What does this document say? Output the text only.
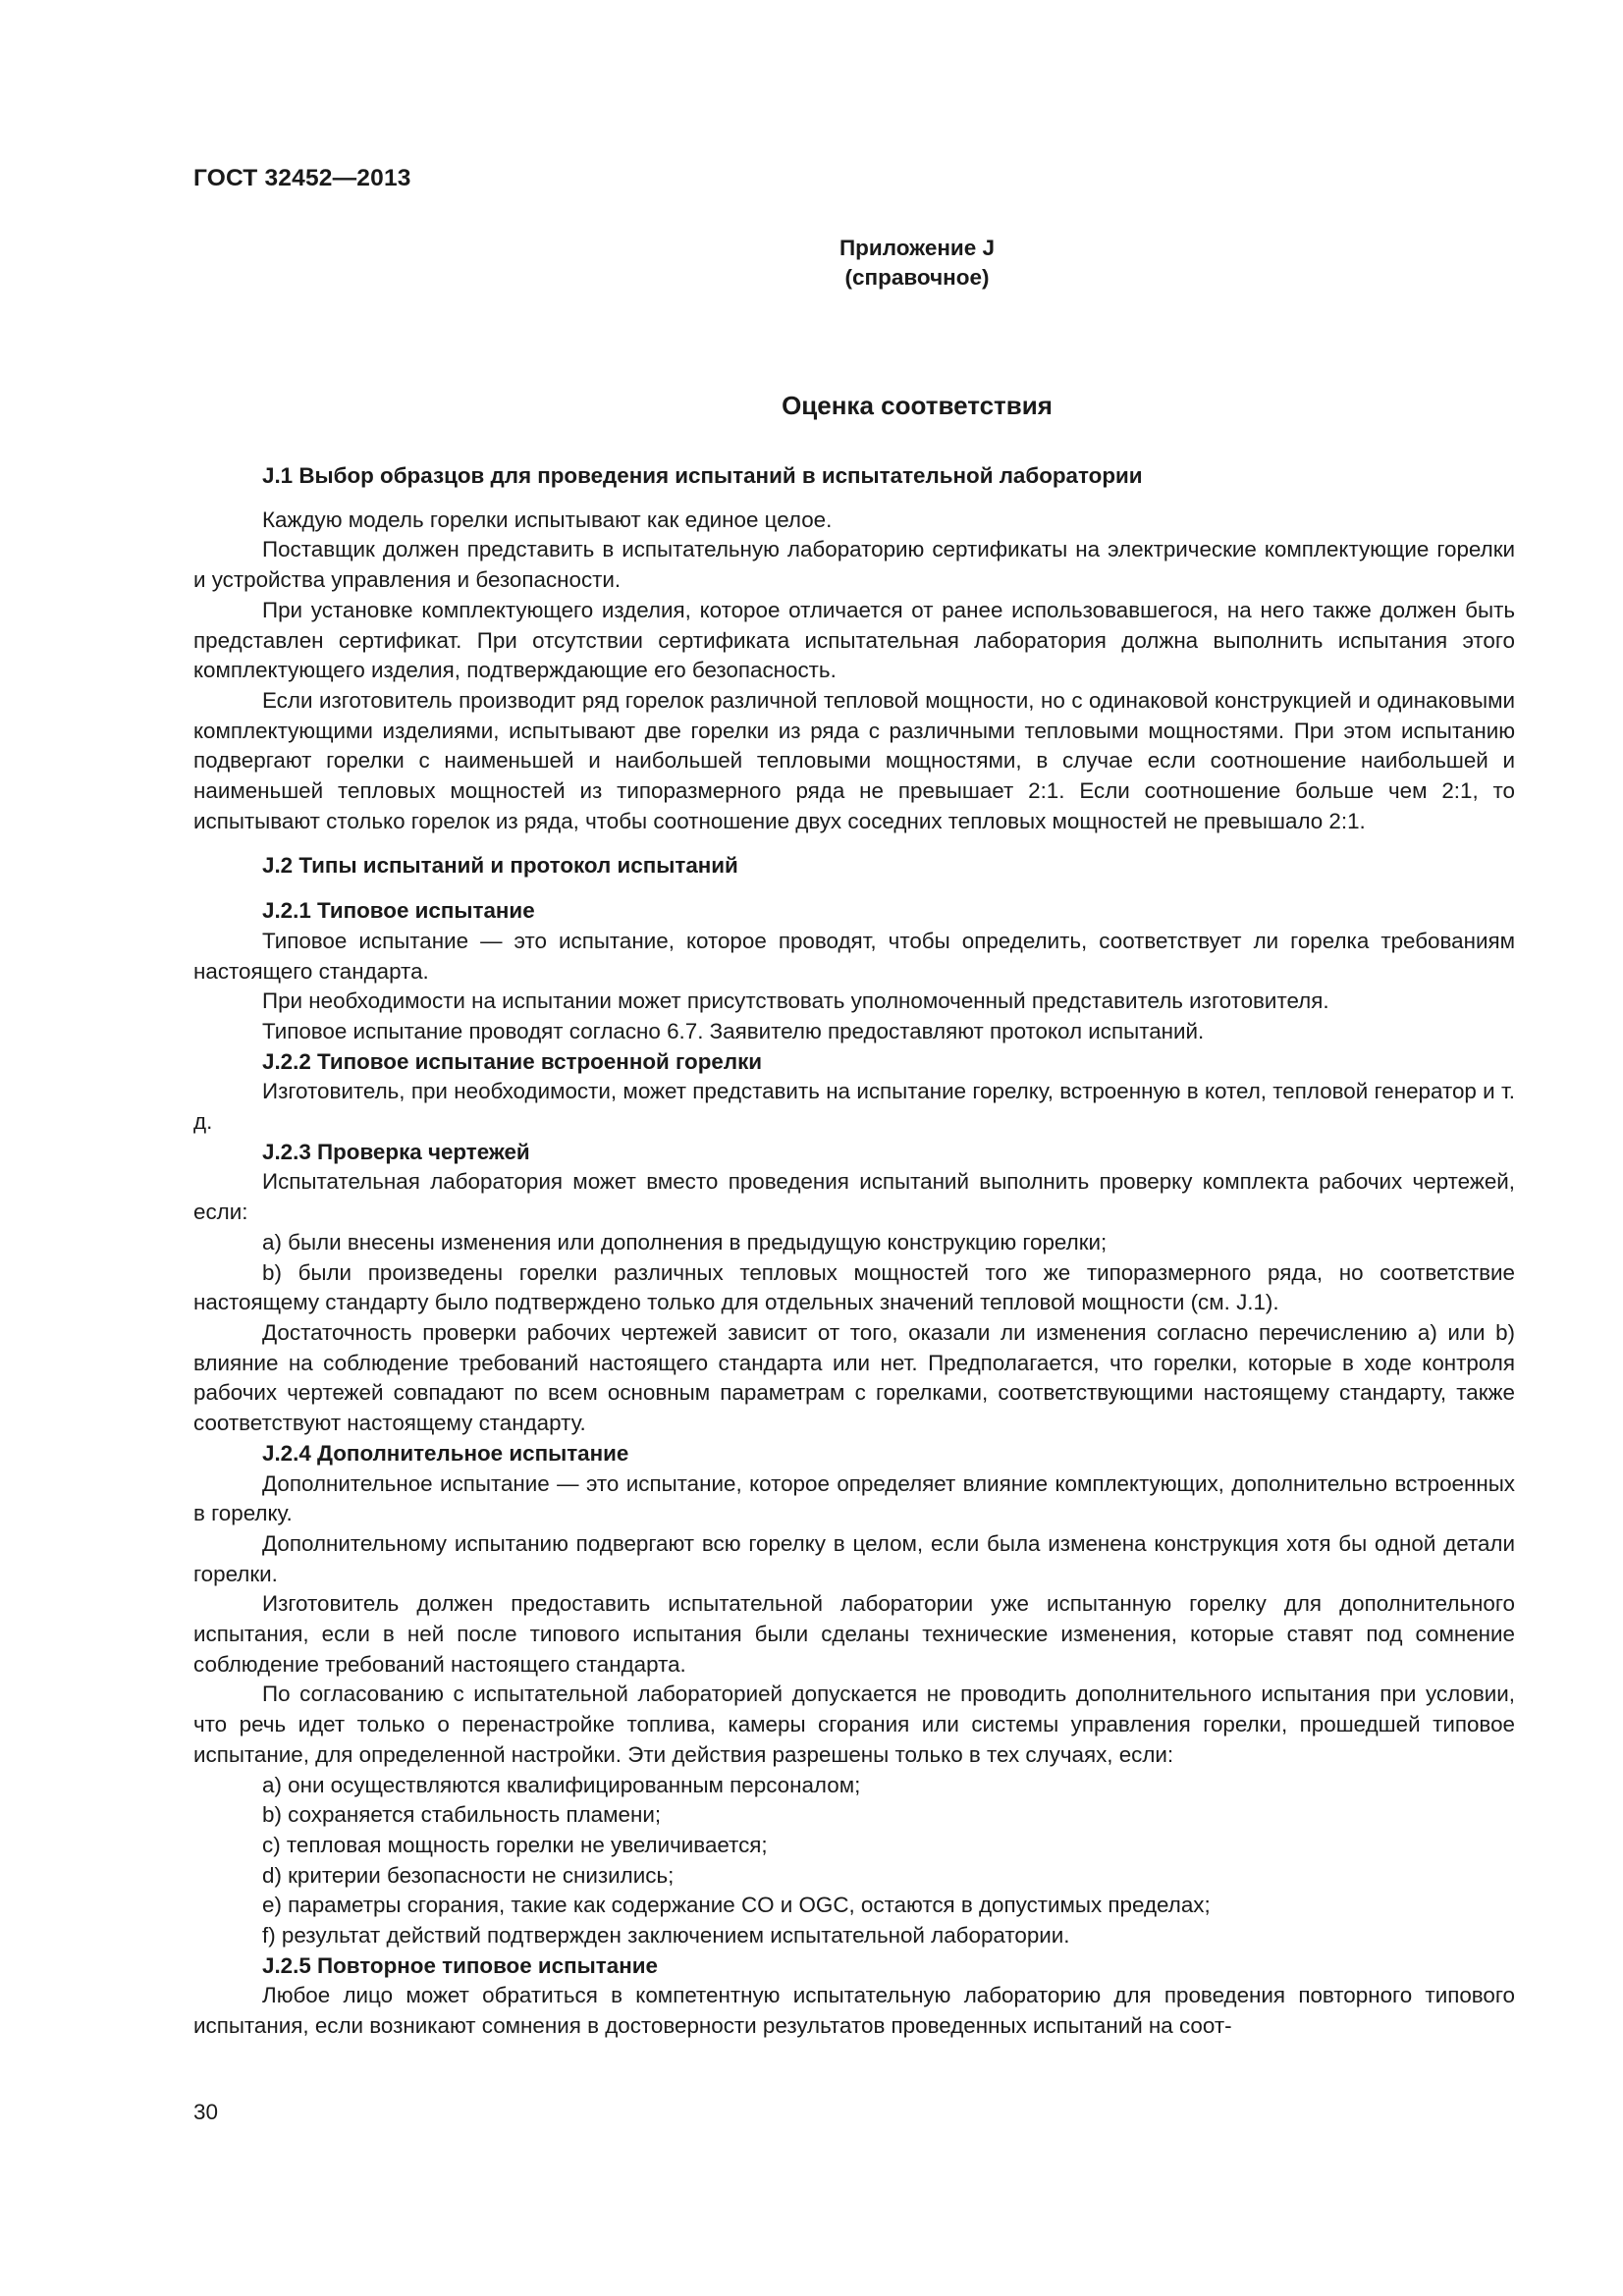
ГОСТ 32452—2013
Приложение J
(справочное)
Оценка соответствия
J.1 Выбор образцов для проведения испытаний в испытательной лаборатории

Каждую модель горелки испытывают как единое целое.

Поставщик должен представить в испытательную лабораторию сертификаты на электрические комплектующие горелки и устройства управления и безопасности.

При установке комплектующего изделия, которое отличается от ранее использовавшегося, на него также должен быть представлен сертификат. При отсутствии сертификата испытательная лаборатория должна выполнить испытания этого комплектующего изделия, подтверждающие его безопасность.

Если изготовитель производит ряд горелок различной тепловой мощности, но с одинаковой конструкцией и одинаковыми комплектующими изделиями, испытывают две горелки из ряда с различными тепловыми мощностями. При этом испытанию подвергают горелки с наименьшей и наибольшей тепловыми мощностями, в случае если соотношение наибольшей и наименьшей тепловых мощностей из типоразмерного ряда не превышает 2:1. Если соотношение больше чем 2:1, то испытывают столько горелок из ряда, чтобы соотношение двух соседних тепловых мощностей не превышало 2:1.

J.2 Типы испытаний и протокол испытаний
J.2.1 Типовое испытание

Типовое испытание — это испытание, которое проводят, чтобы определить, соответствует ли горелка требованиям настоящего стандарта.

При необходимости на испытании может присутствовать уполномоченный представитель изготовителя.

Типовое испытание проводят согласно 6.7. Заявителю предоставляют протокол испытаний.

J.2.2 Типовое испытание встроенной горелки

Изготовитель, при необходимости, может представить на испытание горелку, встроенную в котел, тепловой генератор и т. д.

J.2.3 Проверка чертежей

Испытательная лаборатория может вместо проведения испытаний выполнить проверку комплекта рабочих чертежей, если:

a) были внесены изменения или дополнения в предыдущую конструкцию горелки;

b) были произведены горелки различных тепловых мощностей того же типоразмерного ряда, но соответствие настоящему стандарту было подтверждено только для отдельных значений тепловой мощности (см. J.1).

Достаточность проверки рабочих чертежей зависит от того, оказали ли изменения согласно перечислению a) или b) влияние на соблюдение требований настоящего стандарта или нет. Предполагается, что горелки, которые в ходе контроля рабочих чертежей совпадают по всем основным параметрам с горелками, соответствующими настоящему стандарту, также соответствуют настоящему стандарту.

J.2.4 Дополнительное испытание

Дополнительное испытание — это испытание, которое определяет влияние комплектующих, дополнительно встроенных в горелку.

Дополнительному испытанию подвергают всю горелку в целом, если была изменена конструкция хотя бы одной детали горелки.

Изготовитель должен предоставить испытательной лаборатории уже испытанную горелку для дополнительного испытания, если в ней после типового испытания были сделаны технические изменения, которые ставят под сомнение соблюдение требований настоящего стандарта.

По согласованию с испытательной лабораторией допускается не проводить дополнительного испытания при условии, что речь идет только о перенастройке топлива, камеры сгорания или системы управления горелки, прошедшей типовое испытание, для определенной настройки. Эти действия разрешены только в тех случаях, если:

a) они осуществляются квалифицированным персоналом;

b) сохраняется стабильность пламени;

c) тепловая мощность горелки не увеличивается;

d) критерии безопасности не снизились;

e) параметры сгорания, такие как содержание CO и OGC, остаются в допустимых пределах;

f) результат действий подтвержден заключением испытательной лаборатории.

J.2.5 Повторное типовое испытание

Любое лицо может обратиться в компетентную испытательную лабораторию для проведения повторного типового испытания, если возникают сомнения в достоверности результатов проведенных испытаний на соот-

30
